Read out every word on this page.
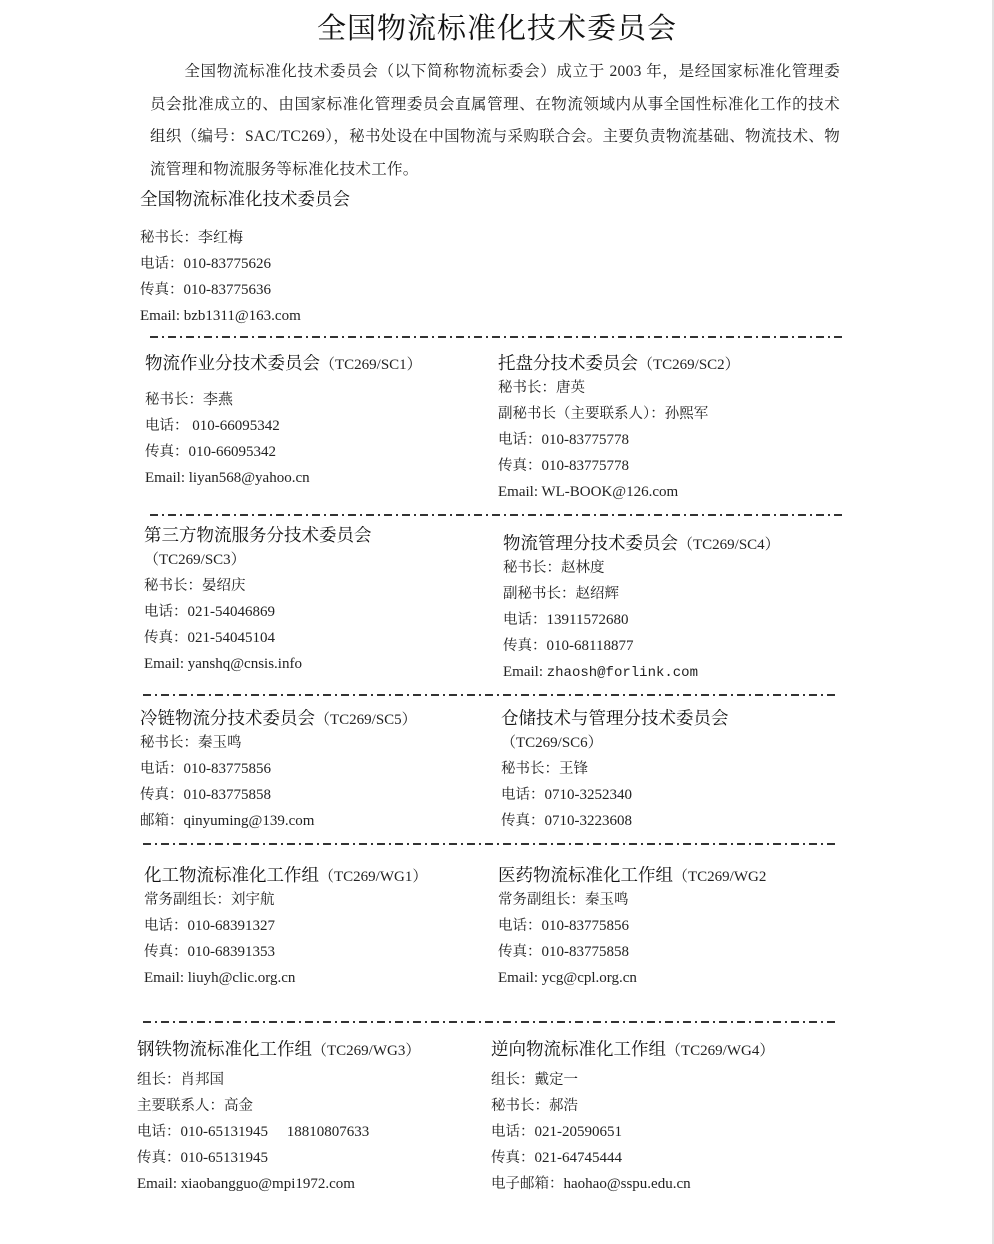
全国物流标准化技术委员会

全国物流标准化技术委员会（以下简称物流标委会）成立于 2003 年，是经国家标准化管理委员会批准成立的、由国家标准化管理委员会直属管理、在物流领域内从事全国性标准化工作的技术组织（编号：SAC/TC269），秘书处设在中国物流与采购联合会。主要负责物流基础、物流技术、物流管理和物流服务等标准化技术工作。

全国物流标准化技术委员会
秘书长：李红梅
电话：010-83775626
传真：010-83775636
Email: bzb1311@163.com
物流作业分技术委员会（TC269/SC1）
秘书长：李燕
电话： 010-66095342
传真：010-66095342
Email: liyan568@yahoo.cn
托盘分技术委员会（TC269/SC2）
秘书长：唐英
副秘书长（主要联系人）：孙熙军
电话：010-83775778
传真：010-83775778
Email: WL-BOOK@126.com
第三方物流服务分技术委员会
（TC269/SC3）
秘书长：晏绍庆
电话：021-54046869
传真：021-54045104
Email: yanshq@cnsis.info
物流管理分技术委员会（TC269/SC4）
秘书长：赵林度
副秘书长：赵绍辉
电话：13911572680
传真：010-68118877
Email: zhaosh@forlink.com
冷链物流分技术委员会（TC269/SC5）
秘书长：秦玉鸣
电话：010-83775856
传真：010-83775858
邮箱：qinyuming@139.com
仓储技术与管理分技术委员会
（TC269/SC6）
秘书长：王锋
电话：0710-3252340
传真：0710-3223608
化工物流标准化工作组（TC269/WG1）
常务副组长：刘宇航
电话：010-68391327
传真：010-68391353
Email: liuyh@clic.org.cn
医药物流标准化工作组（TC269/WG2
常务副组长：秦玉鸣
电话：010-83775856
传真：010-83775858
Email: ycg@cpl.org.cn
钢铁物流标准化工作组（TC269/WG3）
组长：肖邦国
主要联系人：高金
电话：010-65131945　 18810807633
传真：010-65131945
Email: xiaobangguo@mpi1972.com
逆向物流标准化工作组（TC269/WG4）
组长：戴定一
秘书长：郝浩
电话：021-20590651
传真：021-64745444
电子邮箱：haohao@sspu.edu.cn
